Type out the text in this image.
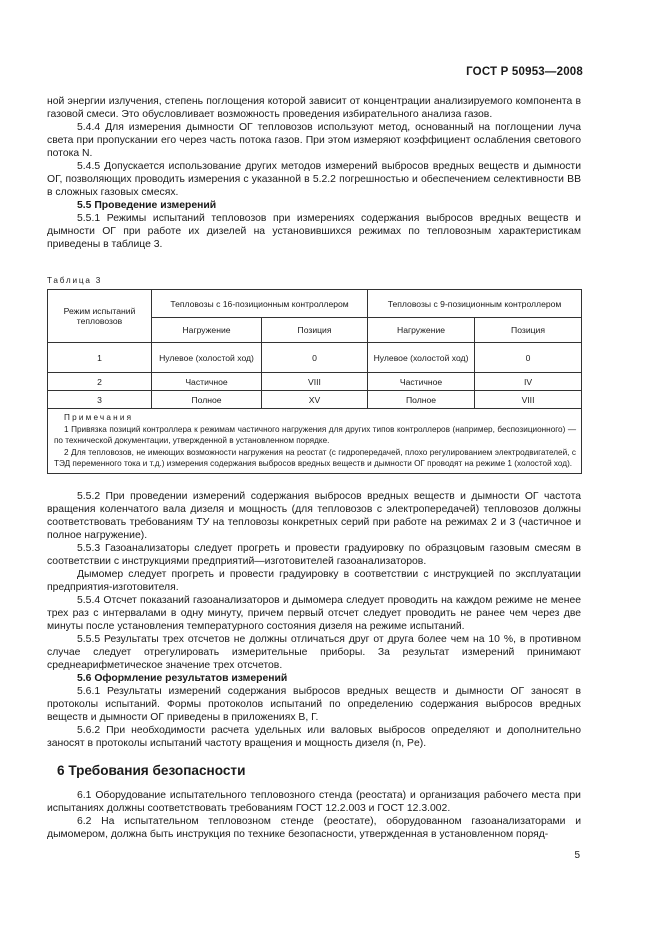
ГОСТ Р 50953—2008

ной энергии излучения, степень поглощения которой зависит от концентрации анализируемого компонента в газовой смеси. Это обусловливает возможность проведения избирательного анализа газов.

5.4.4 Для измерения дымности ОГ тепловозов используют метод, основанный на поглощении луча света при пропускании его через часть потока газов. При этом измеряют коэффициент ослабления светового потока N.

5.4.5 Допускается использование других методов измерений выбросов вредных веществ и дымности ОГ, позволяющих проводить измерения с указанной в 5.2.2 погрешностью и обеспечением селективности ВВ в сложных газовых смесях.

5.5 Проведение измерений

5.5.1 Режимы испытаний тепловозов при измерениях содержания выбросов вредных веществ и дымности ОГ при работе их дизелей на установившихся режимах по тепловозным характеристикам приведены в таблице 3.

Таблица 3
Режим испытаний тепловозов	Тепловозы с 16-позиционным контроллером		Тепловозы с 9-позиционным контроллером	
	Нагружение	Позиция	Нагружение	Позиция
1	Нулевое (холостой ход)	0	Нулевое (холостой ход)	0
2	Частичное	VIII	Частичное	IV
3	Полное	XV	Полное	VIII

Примечания

1 Привязка позиций контроллера к режимам частичного нагружения для других типов контроллеров (например, беспозиционного) — по технической документации, утвержденной в установленном порядке.

2 Для тепловозов, не имеющих возможности нагружения на реостат (с гидропередачей, плохо регулированием электродвигателей, с ТЭД переменного тока и т.д.) измерения содержания выбросов вредных веществ и дымности ОГ проводят на режиме 1 (холостой ход).				

5.5.2 При проведении измерений содержания выбросов вредных веществ и дымности ОГ частота вращения коленчатого вала дизеля и мощность (для тепловозов с электропередачей) тепловозов должны соответствовать требованиям ТУ на тепловозы конкретных серий при работе на режимах 2 и 3 (частичное и полное нагружение).

5.5.3 Газоанализаторы следует прогреть и провести градуировку по образцовым газовым смесям в соответствии с инструкциями предприятий—изготовителей газоанализаторов.

Дымомер следует прогреть и провести градуировку в соответствии с инструкцией по эксплуатации предприятия-изготовителя.

5.5.4 Отсчет показаний газоанализаторов и дымомера следует проводить на каждом режиме не менее трех раз с интервалами в одну минуту, причем первый отсчет следует проводить не ранее чем через две минуты после установления температурного состояния дизеля на режиме испытаний.

5.5.5 Результаты трех отсчетов не должны отличаться друг от друга более чем на 10 %, в противном случае следует отрегулировать измерительные приборы. За результат измерений принимают среднеарифметическое значение трех отсчетов.

5.6 Оформление результатов измерений

5.6.1 Результаты измерений содержания выбросов вредных веществ и дымности ОГ заносят в протоколы испытаний. Формы протоколов испытаний по определению содержания выбросов вредных веществ и дымности ОГ приведены в приложениях В, Г.

5.6.2 При необходимости расчета удельных или валовых выбросов определяют и дополнительно заносят в протоколы испытаний частоту вращения и мощность дизеля (n, Pe).

6 Требования безопасности

6.1 Оборудование испытательного тепловозного стенда (реостата) и организация рабочего места при испытаниях должны соответствовать требованиям ГОСТ 12.2.003 и ГОСТ 12.3.002.

6.2 На испытательном тепловозном стенде (реостате), оборудованном газоанализаторами и дымомером, должна быть инструкция по технике безопасности, утвержденная в установленном поряд-

5
